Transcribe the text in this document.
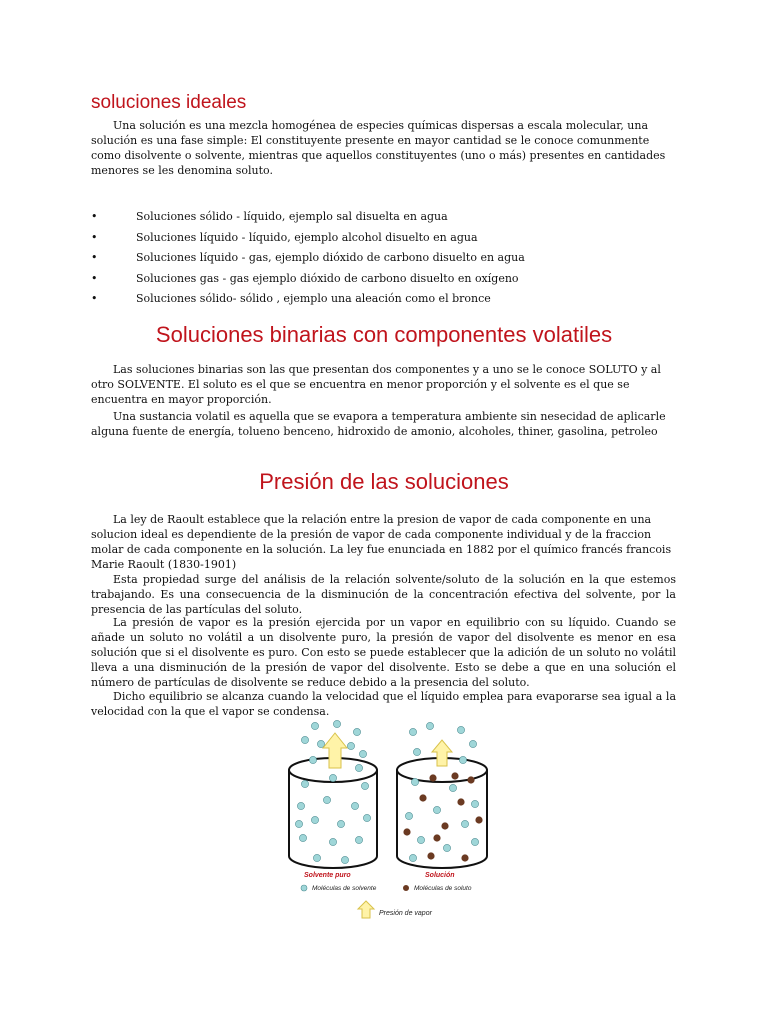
soluciones ideales

Una solución es una mezcla homogénea de especies químicas dispersas a escala molecular, una solución es una fase simple: El constituyente presente en mayor cantidad se le conoce comunmente como disolvente o solvente, mientras que aquellos constituyentes (uno o más) presentes en cantidades menores se les denomina soluto.

•	Soluciones sólido - líquido, ejemplo sal disuelta en agua
•	Soluciones líquido - líquido, ejemplo alcohol disuelto en agua
•	Soluciones líquido - gas, ejemplo dióxido de carbono disuelto en agua
•	Soluciones gas - gas ejemplo dióxido de carbono disuelto en oxígeno
•	Soluciones sólido- sólido , ejemplo una aleación como el bronce
Soluciones binarias con componentes volatiles

Las soluciones binarias son las que presentan dos componentes y a uno se le conoce SOLUTO y al otro SOLVENTE. El soluto es el que se encuentra en menor proporción y el solvente es el que se encuentra en mayor proporción.

Una sustancia volatil es aquella que se evapora a temperatura ambiente sin nesecidad de aplicarle alguna fuente de energía, tolueno benceno, hidroxido de amonio, alcoholes, thiner, gasolina, petroleo

Presión de las soluciones

La ley de Raoult establece que la relación entre la presion de vapor de cada componente en una solucion ideal es dependiente de la presión de vapor de cada componente individual y de la fraccion molar de cada componente en la solución. La ley fue enunciada en 1882 por el químico francés francois Marie Raoult (1830-1901)

Esta propiedad surge del análisis de la relación solvente/soluto de la solución en la que estemos trabajando. Es una consecuencia de la disminución de la concentración efectiva del solvente, por la presencia de las partículas del soluto.

La presión de vapor es la presión ejercida por un vapor en equilibrio con su líquido. Cuando se añade un soluto no volátil a un disolvente puro, la presión de vapor del disolvente es menor en esa solución que si el disolvente es puro. Con esto se puede establecer que la adición de un soluto no volátil lleva a una disminución de la presión de vapor del disolvente. Esto se debe a que en una solución el número de partículas de disolvente se reduce debido a la presencia del soluto.

Dicho equilibrio se alcanza cuando la velocidad que el líquido emplea para evaporarse sea igual a la velocidad con la que el vapor se condensa.

Solvente puro	Solución
Moléculas de solvente	Moléculas de soluto
Presión de vapor
